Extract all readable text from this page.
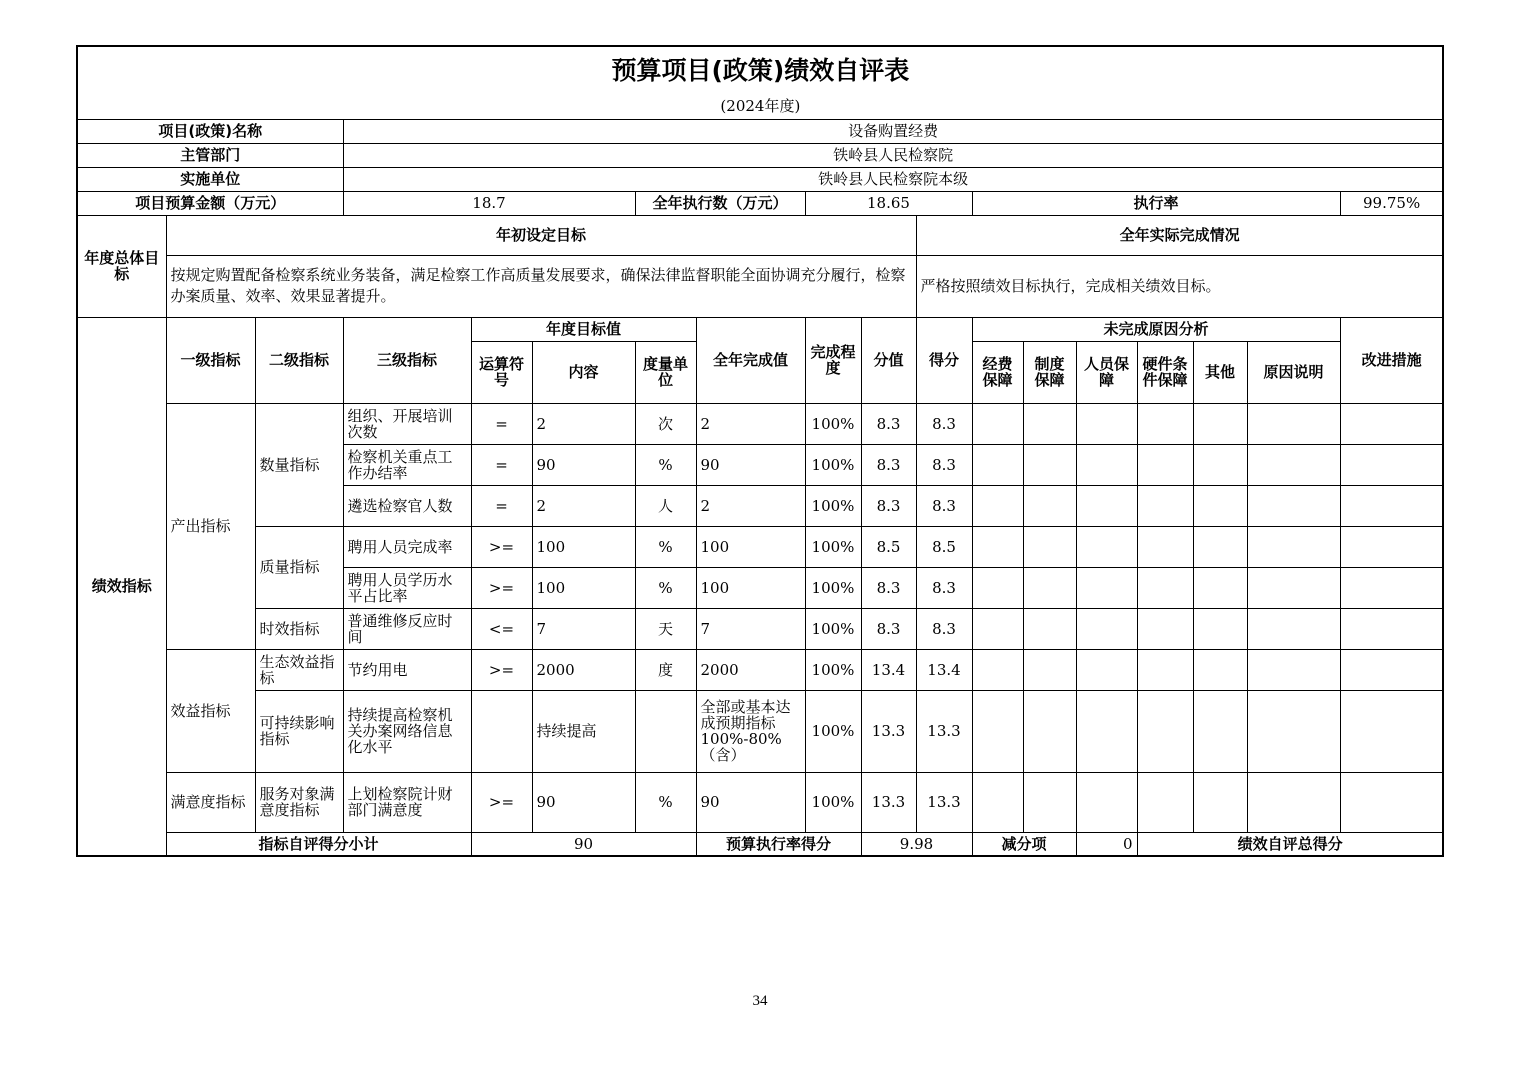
预算项目(政策)绩效自评表																		
(2024年度)																		
项目(政策)名称			设备购置经费															
主管部门			铁岭县人民检察院															
实施单位			铁岭县人民检察院本级															
项目预算金额（万元）			18.7			全年执行数（万元）		18.65			执行率						99.75%	
年度总体目标	年初设定目标									全年实际完成情况								
	按规定购置配备检察系统业务装备，满足检察工作高质量发展要求，确保法律监督职能全面协调充分履行，检察办案质量、效率、效果显著提升。									严格按照绩效目标执行，完成相关绩效目标。								
绩效指标	一级指标	二级指标	三级指标	年度目标值			全年完成值	完成程度	分值	得分	未完成原因分析						改进措施	
				运算符号	内容	度量单位					经费保障	制度保障	人员保障	硬件条件保障	其他	原因说明		
	产出指标	数量指标	组织、开展培训次数	=	2	次	2	100%	8.3	8.3								
			检察机关重点工作办结率	=	90	%	90	100%	8.3	8.3								
			遴选检察官人数	=	2	人	2	100%	8.3	8.3								
		质量指标	聘用人员完成率	>=	100	%	100	100%	8.5	8.5								
			聘用人员学历水平占比率	>=	100	%	100	100%	8.3	8.3								
		时效指标	普通维修反应时间	<=	7	天	7	100%	8.3	8.3								
	效益指标	生态效益指标	节约用电	>=	2000	度	2000	100%	13.4	13.4								
		可持续影响指标	持续提高检察机关办案网络信息化水平		持续提高		全部或基本达成预期指标100%-80%（含）	100%	13.3	13.3								
	满意度指标	服务对象满意度指标	上划检察院计财部门满意度	>=	90	%	90	100%	13.3	13.3								
	指标自评得分小计			90			预算执行率得分		9.98		减分项		0	绩效自评总得分	
34
